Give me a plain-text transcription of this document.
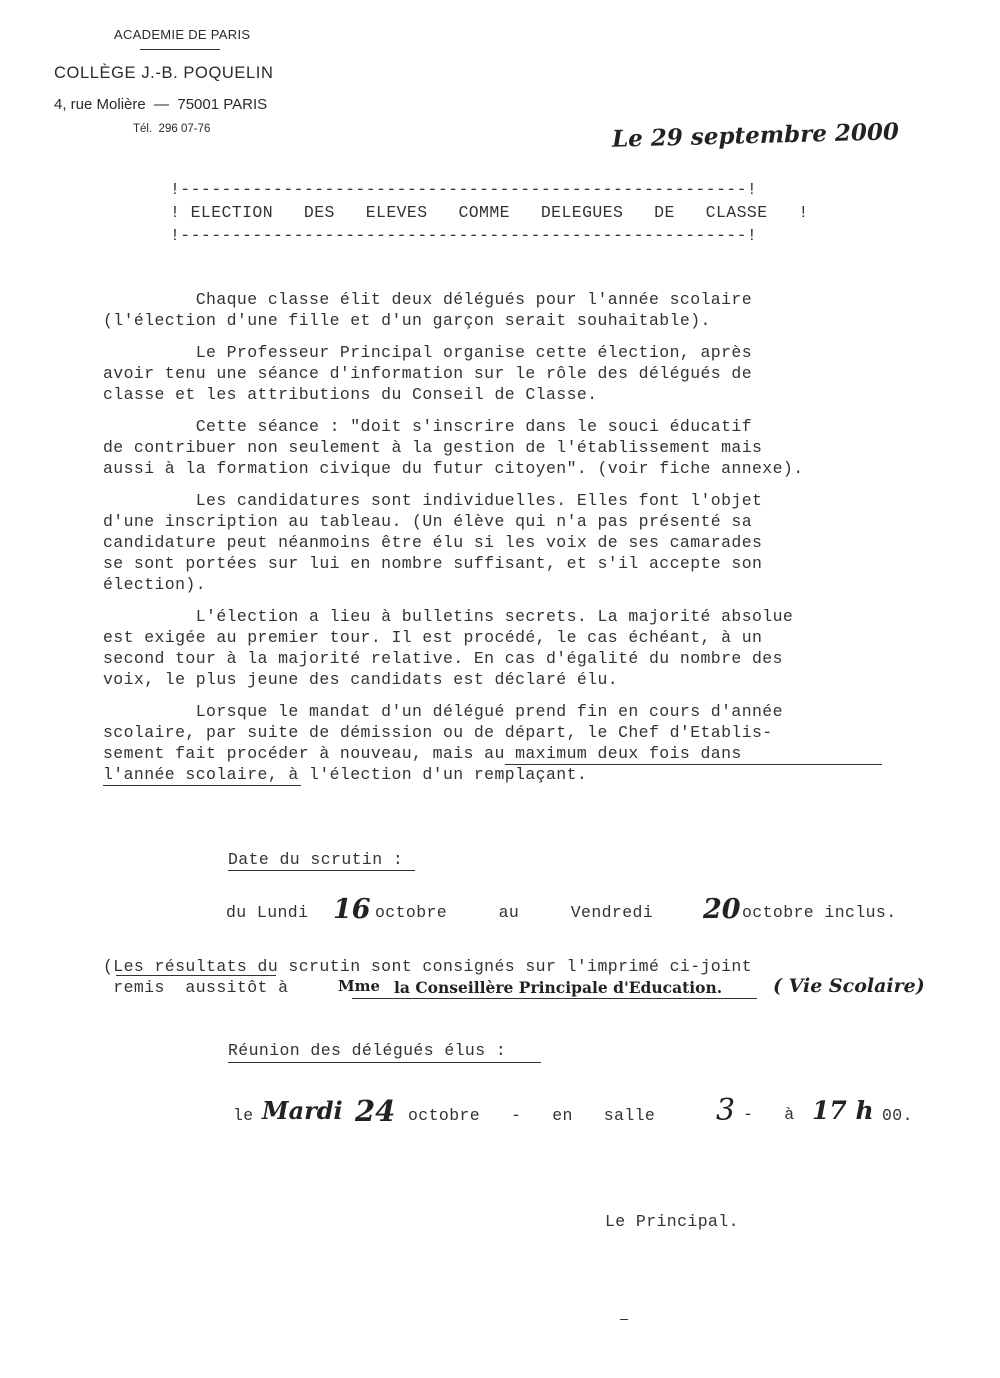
ACADEMIE DE PARIS
COLLÈGE J.-B. POQUELIN
4, rue Molière  —  75001 PARIS
Tél.  296 07-76	Le 29 septembre 2000
!-------------------------------------------------------!
! ELECTION   DES   ELEVES   COMME   DELEGUES   DE   CLASSE   !
!-------------------------------------------------------!
Chaque classe élit deux délégués pour l'année scolaire
(l'élection d'une fille et d'un garçon serait souhaitable).
Le Professeur Principal organise cette élection, après
avoir tenu une séance d'information sur le rôle des délégués de
classe et les attributions du Conseil de Classe.
Cette séance : "doit s'inscrire dans le souci éducatif
de contribuer non seulement à la gestion de l'établissement mais
aussi à la formation civique du futur citoyen". (voir fiche annexe).
Les candidatures sont individuelles. Elles font l'objet
d'une inscription au tableau. (Un élève qui n'a pas présenté sa
candidature peut néanmoins être élu si les voix de ses camarades
se sont portées sur lui en nombre suffisant, et s'il accepte son
élection).
L'élection a lieu à bulletins secrets. La majorité absolue
est exigée au premier tour. Il est procédé, le cas échéant, à un
second tour à la majorité relative. En cas d'égalité du nombre des
voix, le plus jeune des candidats est déclaré élu.
Lorsque le mandat d'un délégué prend fin en cours d'année
scolaire, par suite de démission ou de départ, le Chef d'Etablis-
sement fait procéder à nouveau, mais au maximum deux fois dans
l'année scolaire, à l'élection d'un remplaçant.
Date du scrutin :
du Lundi 16 octobre     au     Vendredi 20 octobre inclus.
(Les résultats du scrutin sont consignés sur l'imprimé ci-joint
remis  aussitôt à	Mme la Conseillère Principale d'Education.	( Vie Scolaire)
Réunion des délégués élus :
le Mardi 24 octobre   -   en   salle 3 -   à 17 h 00.
Le Principal.
